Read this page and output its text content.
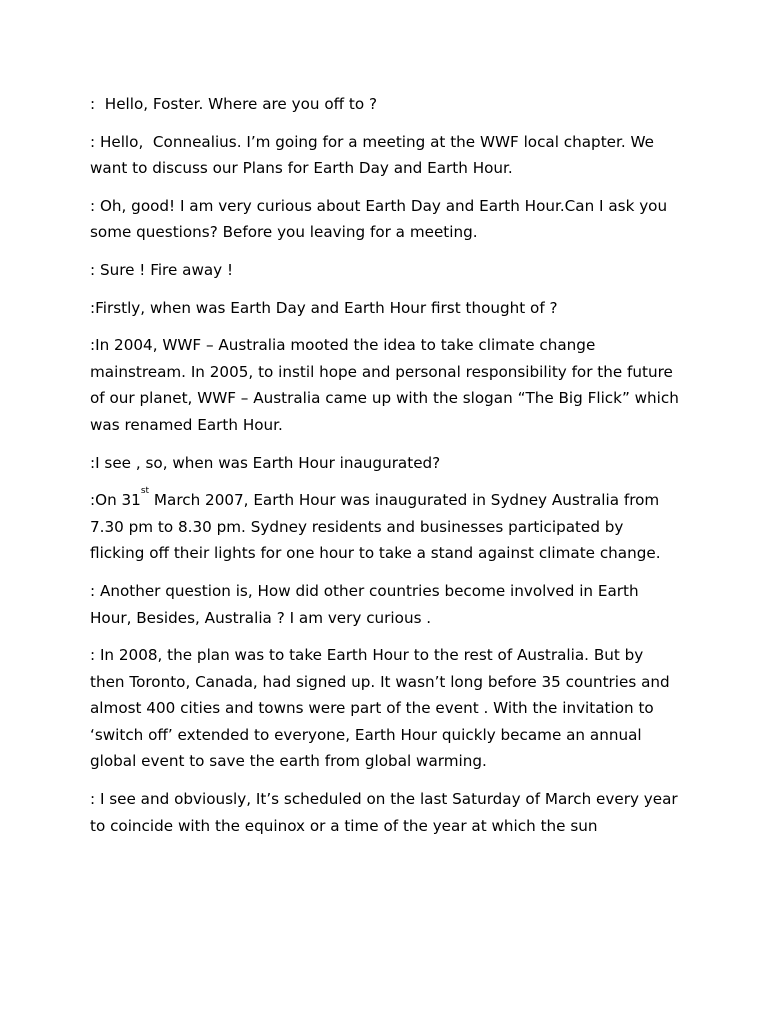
:  Hello, Foster. Where are you off to ?

: Hello,  Connealius. I’m going for a meeting at the WWF local chapter. We want to discuss our Plans for Earth Day and Earth Hour.

: Oh, good! I am very curious about Earth Day and Earth Hour.Can I ask you some questions? Before you leaving for a meeting.

: Sure ! Fire away !

:Firstly, when was Earth Day and Earth Hour first thought of ?

:In 2004, WWF – Australia mooted the idea to take climate change mainstream. In 2005, to instil hope and personal responsibility for the future of our planet, WWF – Australia came up with the slogan “The Big Flick” which was renamed Earth Hour.

:I see , so, when was Earth Hour inaugurated?

:On 31st March 2007, Earth Hour was inaugurated in Sydney Australia from 7.30 pm to 8.30 pm. Sydney residents and businesses participated by flicking off their lights for one hour to take a stand against climate change.

: Another question is, How did other countries become involved in Earth Hour, Besides, Australia ? I am very curious .

: In 2008, the plan was to take Earth Hour to the rest of Australia. But by then Toronto, Canada, had signed up. It wasn’t long before 35 countries and almost 400 cities and towns were part of the event . With the invitation to ‘switch off’ extended to everyone, Earth Hour quickly became an annual global event to save the earth from global warming.

: I see and obviously, It’s scheduled on the last Saturday of March every year to coincide with the equinox or a time of the year at which the sun
